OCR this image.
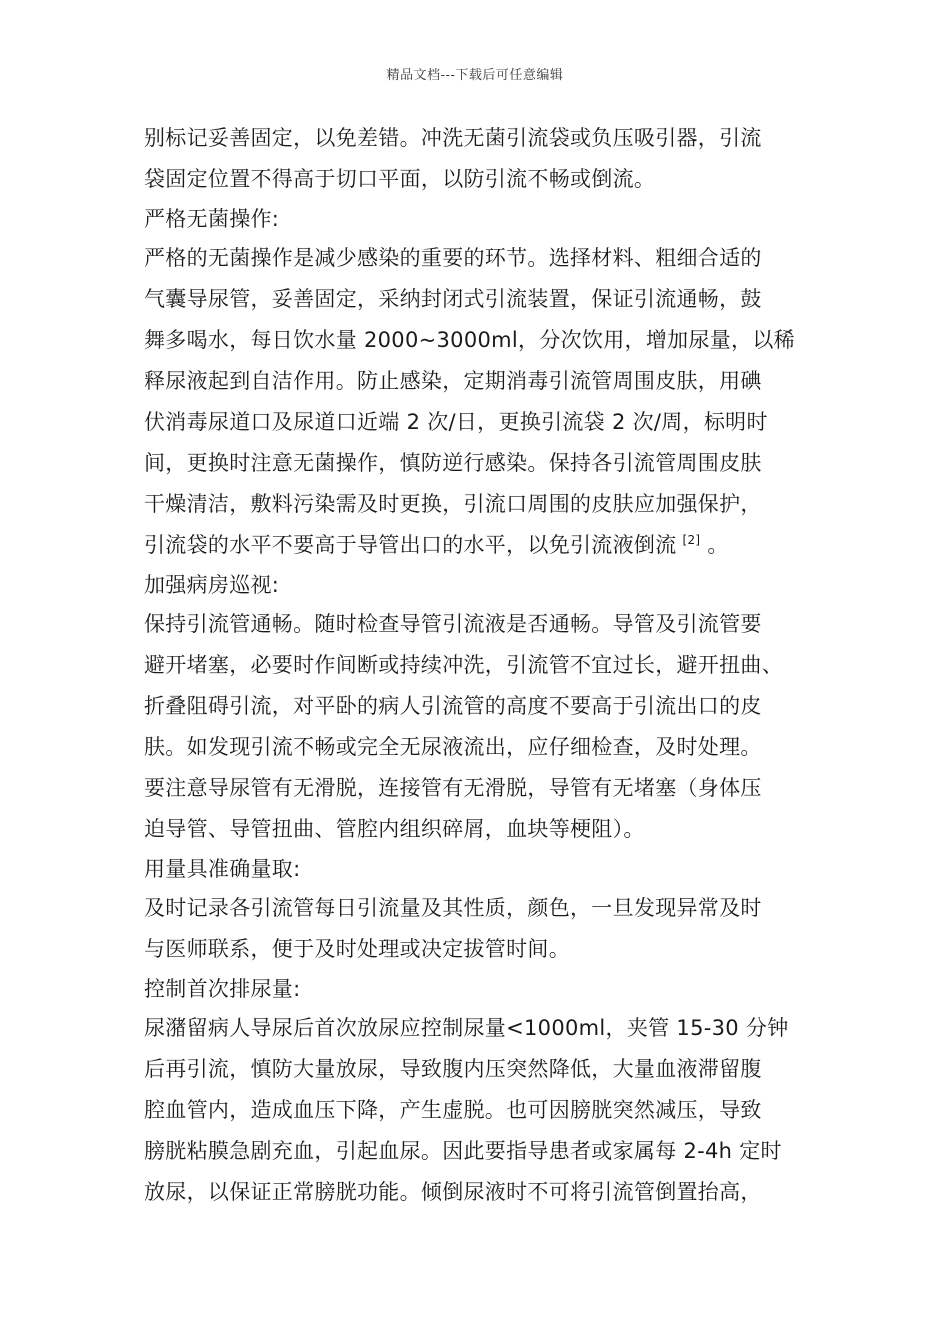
精品文档---下载后可任意编辑
别标记妥善固定，以免差错。冲洗无菌引流袋或负压吸引器，引流
袋固定位置不得高于切口平面，以防引流不畅或倒流。
严格无菌操作:
严格的无菌操作是减少感染的重要的环节。选择材料、粗细合适的
气囊导尿管，妥善固定，采纳封闭式引流装置，保证引流通畅，鼓
舞多喝水，每日饮水量 2000~3000ml，分次饮用，增加尿量，以稀
释尿液起到自洁作用。防止感染，定期消毒引流管周围皮肤，用碘
伏消毒尿道口及尿道口近端 2 次/日，更换引流袋 2 次/周，标明时
间，更换时注意无菌操作，慎防逆行感染。保持各引流管周围皮肤
干燥清洁，敷料污染需及时更换，引流口周围的皮肤应加强保护，
引流袋的水平不要高于导管出口的水平，以免引流液倒流 [2] 。
加强病房巡视:
保持引流管通畅。随时检查导管引流液是否通畅。导管及引流管要
避开堵塞，必要时作间断或持续冲洗，引流管不宜过长，避开扭曲、
折叠阻碍引流，对平卧的病人引流管的高度不要高于引流出口的皮
肤。如发现引流不畅或完全无尿液流出，应仔细检查，及时处理。
要注意导尿管有无滑脱，连接管有无滑脱，导管有无堵塞（身体压
迫导管、导管扭曲、管腔内组织碎屑，血块等梗阻）。
用量具准确量取:
及时记录各引流管每日引流量及其性质，颜色，一旦发现异常及时
与医师联系，便于及时处理或决定拔管时间。
控制首次排尿量:
尿潴留病人导尿后首次放尿应控制尿量<1000ml，夹管 15-30 分钟
后再引流，慎防大量放尿，导致腹内压突然降低，大量血液滞留腹
腔血管内，造成血压下降，产生虚脱。也可因膀胱突然减压，导致
膀胱粘膜急剧充血，引起血尿。因此要指导患者或家属每 2-4h 定时
放尿，以保证正常膀胱功能。倾倒尿液时不可将引流管倒置抬高，
